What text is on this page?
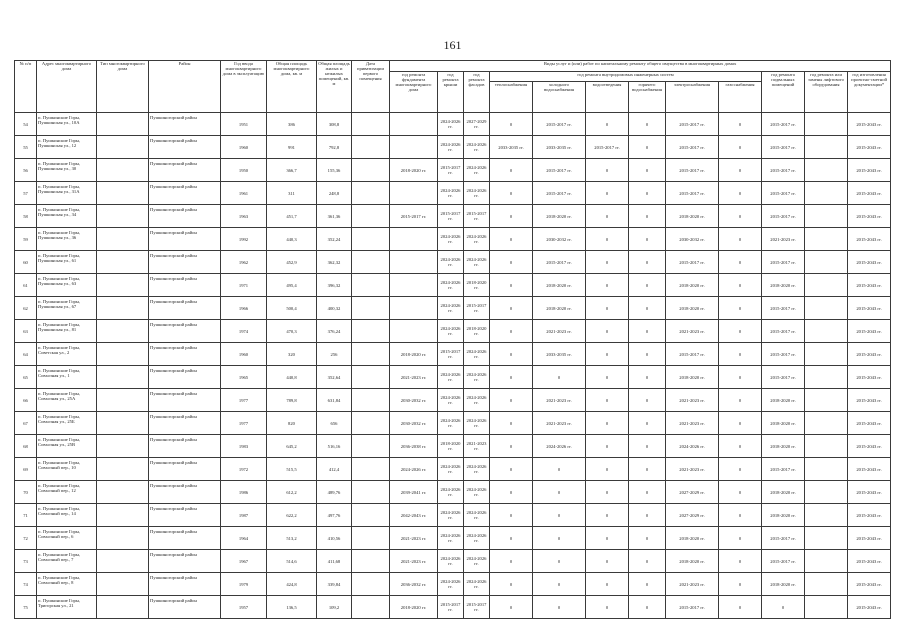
161
№ п/п	Адрес многоквартирного дома	Тип многоквартирного дома	Район	Год ввода многоквартирного дома в эксплуатацию	Общая площадь многоквартирного дома, кв. м	Общая площадь жилых и нежилых помещений, кв. м	Дата приватизации первого помещения	Виды услуг и (или) работ по капитальному ремонту общего имущества в многоквартирных домах											
								год ремонта фундамента многоквартирного дома	год ремонта крыши	год ремонта фасадов	год ремонта внутридомовых инженерных систем						год ремонта подвальных помещений	год ремонта или замены лифтового оборудования	год изготовления проектно-сметной документации*
											теплоснабжения	холодного водоснабжения	водоотведения	горячего водоснабжения	электроснабжения	газоснабжения			
54	п. Пушкинские Горы, Пушкинская ул., 10А		Пушкиногорский район	1951	386	308,8			2024-2026 гг.	2027-2029 гг.	0	2015-2017 гг.	0	0	2015-2017 гг.	0	2015-2017 гг.		2015-2043 гг.
55	п. Пушкинские Горы, Пушкинская ул., 12		Пушкиногорский район	1960	991	792,8			2024-2026 гг.	2024-2026 гг.	2033-2035 гг.	2033-2035 гг.	2015-2017 гг.	0	2015-2017 гг.	0	2015-2017 гг.		2015-2043 гг.
56	п. Пушкинские Горы, Пушкинская ул., 30		Пушкиногорский район	1950	366,7	155,36		2018-2020 гг.	2015-2017 гг.	2024-2026 гг.	0	2015-2017 гг.	0	0	2015-2017 гг.	0	2015-2017 гг.		2015-2043 гг.
57	п. Пушкинские Горы, Пушкинская ул., 31А		Пушкиногорский район	1961	311	248,8			2024-2026 гг.	2024-2026 гг.	0	2015-2017 гг.	0	0	2015-2017 гг.	0	2015-2017 гг.		2015-2043 гг.
58	п. Пушкинские Горы, Пушкинская ул., 34		Пушкиногорский район	1963	451,7	361,36		2015-2017 гг.	2015-2017 гг.	2015-2017 гг.	0	2018-2020 гг.	0	0	2018-2020 гг.	0	2015-2017 гг.		2015-2043 гг.
59	п. Пушкинские Горы, Пушкинская ул., 36		Пушкиногорский район	1992	440,3	352,24			2024-2026 гг.	2024-2026 гг.	0	2030-2032 гг.	0	0	2030-2032 гг.	0	2021-2023 гг.		2015-2043 гг.
60	п. Пушкинские Горы, Пушкинская ул., 61		Пушкиногорский район	1962	452,9	362,32			2024-2026 гг.	2024-2026 гг.	0	2015-2017 гг.	0	0	2015-2017 гг.	0	2015-2017 гг.		2015-2043 гг.
61	п. Пушкинские Горы, Пушкинская ул., 63		Пушкиногорский район	1971	495,4	396,32			2024-2026 гг.	2018-2020 гг.	0	2018-2020 гг.	0	0	2018-2020 гг.	0	2018-2020 гг.		2015-2043 гг.
62	п. Пушкинские Горы, Пушкинская ул., 67		Пушкиногорский район	1966	500,4	400,32			2024-2026 гг.	2015-2017 гг.	0	2018-2020 гг.	0	0	2018-2020 гг.	0	2015-2017 гг.		2015-2043 гг.
63	п. Пушкинские Горы, Пушкинская ул., 81		Пушкиногорский район	1974	470,3	376,24			2024-2026 гг.	2018-2020 гг.	0	2021-2023 гг.	0	0	2021-2023 гг.	0	2015-2017 гг.		2015-2043 гг.
64	п. Пушкинские Горы, Советская ул., 2		Пушкиногорский район	1960	320	256		2018-2020 гг.	2015-2017 гг.	2024-2026 гг.	0	2033-2035 гг.	0	0	2015-2017 гг.	0	2015-2017 гг.		2015-2043 гг.
65	п. Пушкинские Горы, Совхозная ул., 1		Пушкиногорский район	1965	440,8	352,64		2021-2023 гг.	2024-2026 гг.	2024-2026 гг.	0	0	0	0	2018-2020 гг.	0	2015-2017 гг.		2015-2043 гг.
66	п. Пушкинские Горы, Совхозная ул., 25А		Пушкиногорский район	1977	789,8	631,84		2030-2032 гг.	2024-2026 гг.	2024-2026 гг.	0	2021-2023 гг.	0	0	2021-2023 гг.	0	2018-2020 гг.		2015-2043 гг.
67	п. Пушкинские Горы, Совхозная ул., 25Б		Пушкиногорский район	1977	820	656		2030-2032 гг.	2024-2026 гг.	2024-2026 гг.	0	2021-2023 гг.	0	0	2021-2023 гг.	0	2018-2020 гг.		2015-2043 гг.
68	п. Пушкинские Горы, Совхозная ул., 25В		Пушкиногорский район	1983	645,2	516,16		2036-2038 гг.	2018-2020 гг.	2021-2023 гг.	0	2024-2026 гг.	0	0	2024-2026 гг.	0	2018-2020 гг.		2015-2043 гг.
69	п. Пушкинские Горы, Совхозный пер., 10		Пушкиногорский район	1972	515,5	412,4		2024-2026 гг.	2024-2026 гг.	2024-2026 гг.	0	0	0	0	2021-2023 гг.	0	2015-2017 гг.		2015-2043 гг.
70	п. Пушкинские Горы, Совхозный пер., 12		Пушкиногорский район	1986	612,2	489,76		2039-2041 гг.	2024-2026 гг.	2024-2026 гг.	0	0	0	0	2027-2029 гг.	0	2018-2020 гг.		2015-2043 гг.
71	п. Пушкинские Горы, Совхозный пер., 14		Пушкиногорский район	1987	622,2	497,76		2042-2043 гг.	2024-2026 гг.	2024-2026 гг.	0	0	0	0	2027-2029 гг.	0	2018-2020 гг.		2015-2043 гг.
72	п. Пушкинские Горы, Совхозный пер., 6		Пушкиногорский район	1964	513,2	410,56		2021-2023 гг.	2024-2026 гг.	2024-2026 гг.	0	0	0	0	2018-2020 гг.	0	2015-2017 гг.		2015-2043 гг.
73	п. Пушкинские Горы, Совхозный пер., 7		Пушкиногорский район	1967	514,6	411,68		2021-2023 гг.	2024-2026 гг.	2024-2026 гг.	0	0	0	0	2018-2020 гг.	0	2015-2017 гг.		2015-2043 гг.
74	п. Пушкинские Горы, Совхозный пер., 8		Пушкиногорский район	1979	424,8	339,84		2036-2032 гг.	2024-2026 гг.	2024-2026 гг.	0	0	0	0	2021-2023 гг.	0	2018-2020 гг.		2015-2043 гг.
75	п. Пушкинские Горы, Тригорская ул., 21		Пушкиногорский район	1957	136,5	109,2		2018-2020 гг.	2015-2017 гг.	2015-2017 гг.	0	0	0	0	2015-2017 гг.	0	0		2015-2043 гг.
